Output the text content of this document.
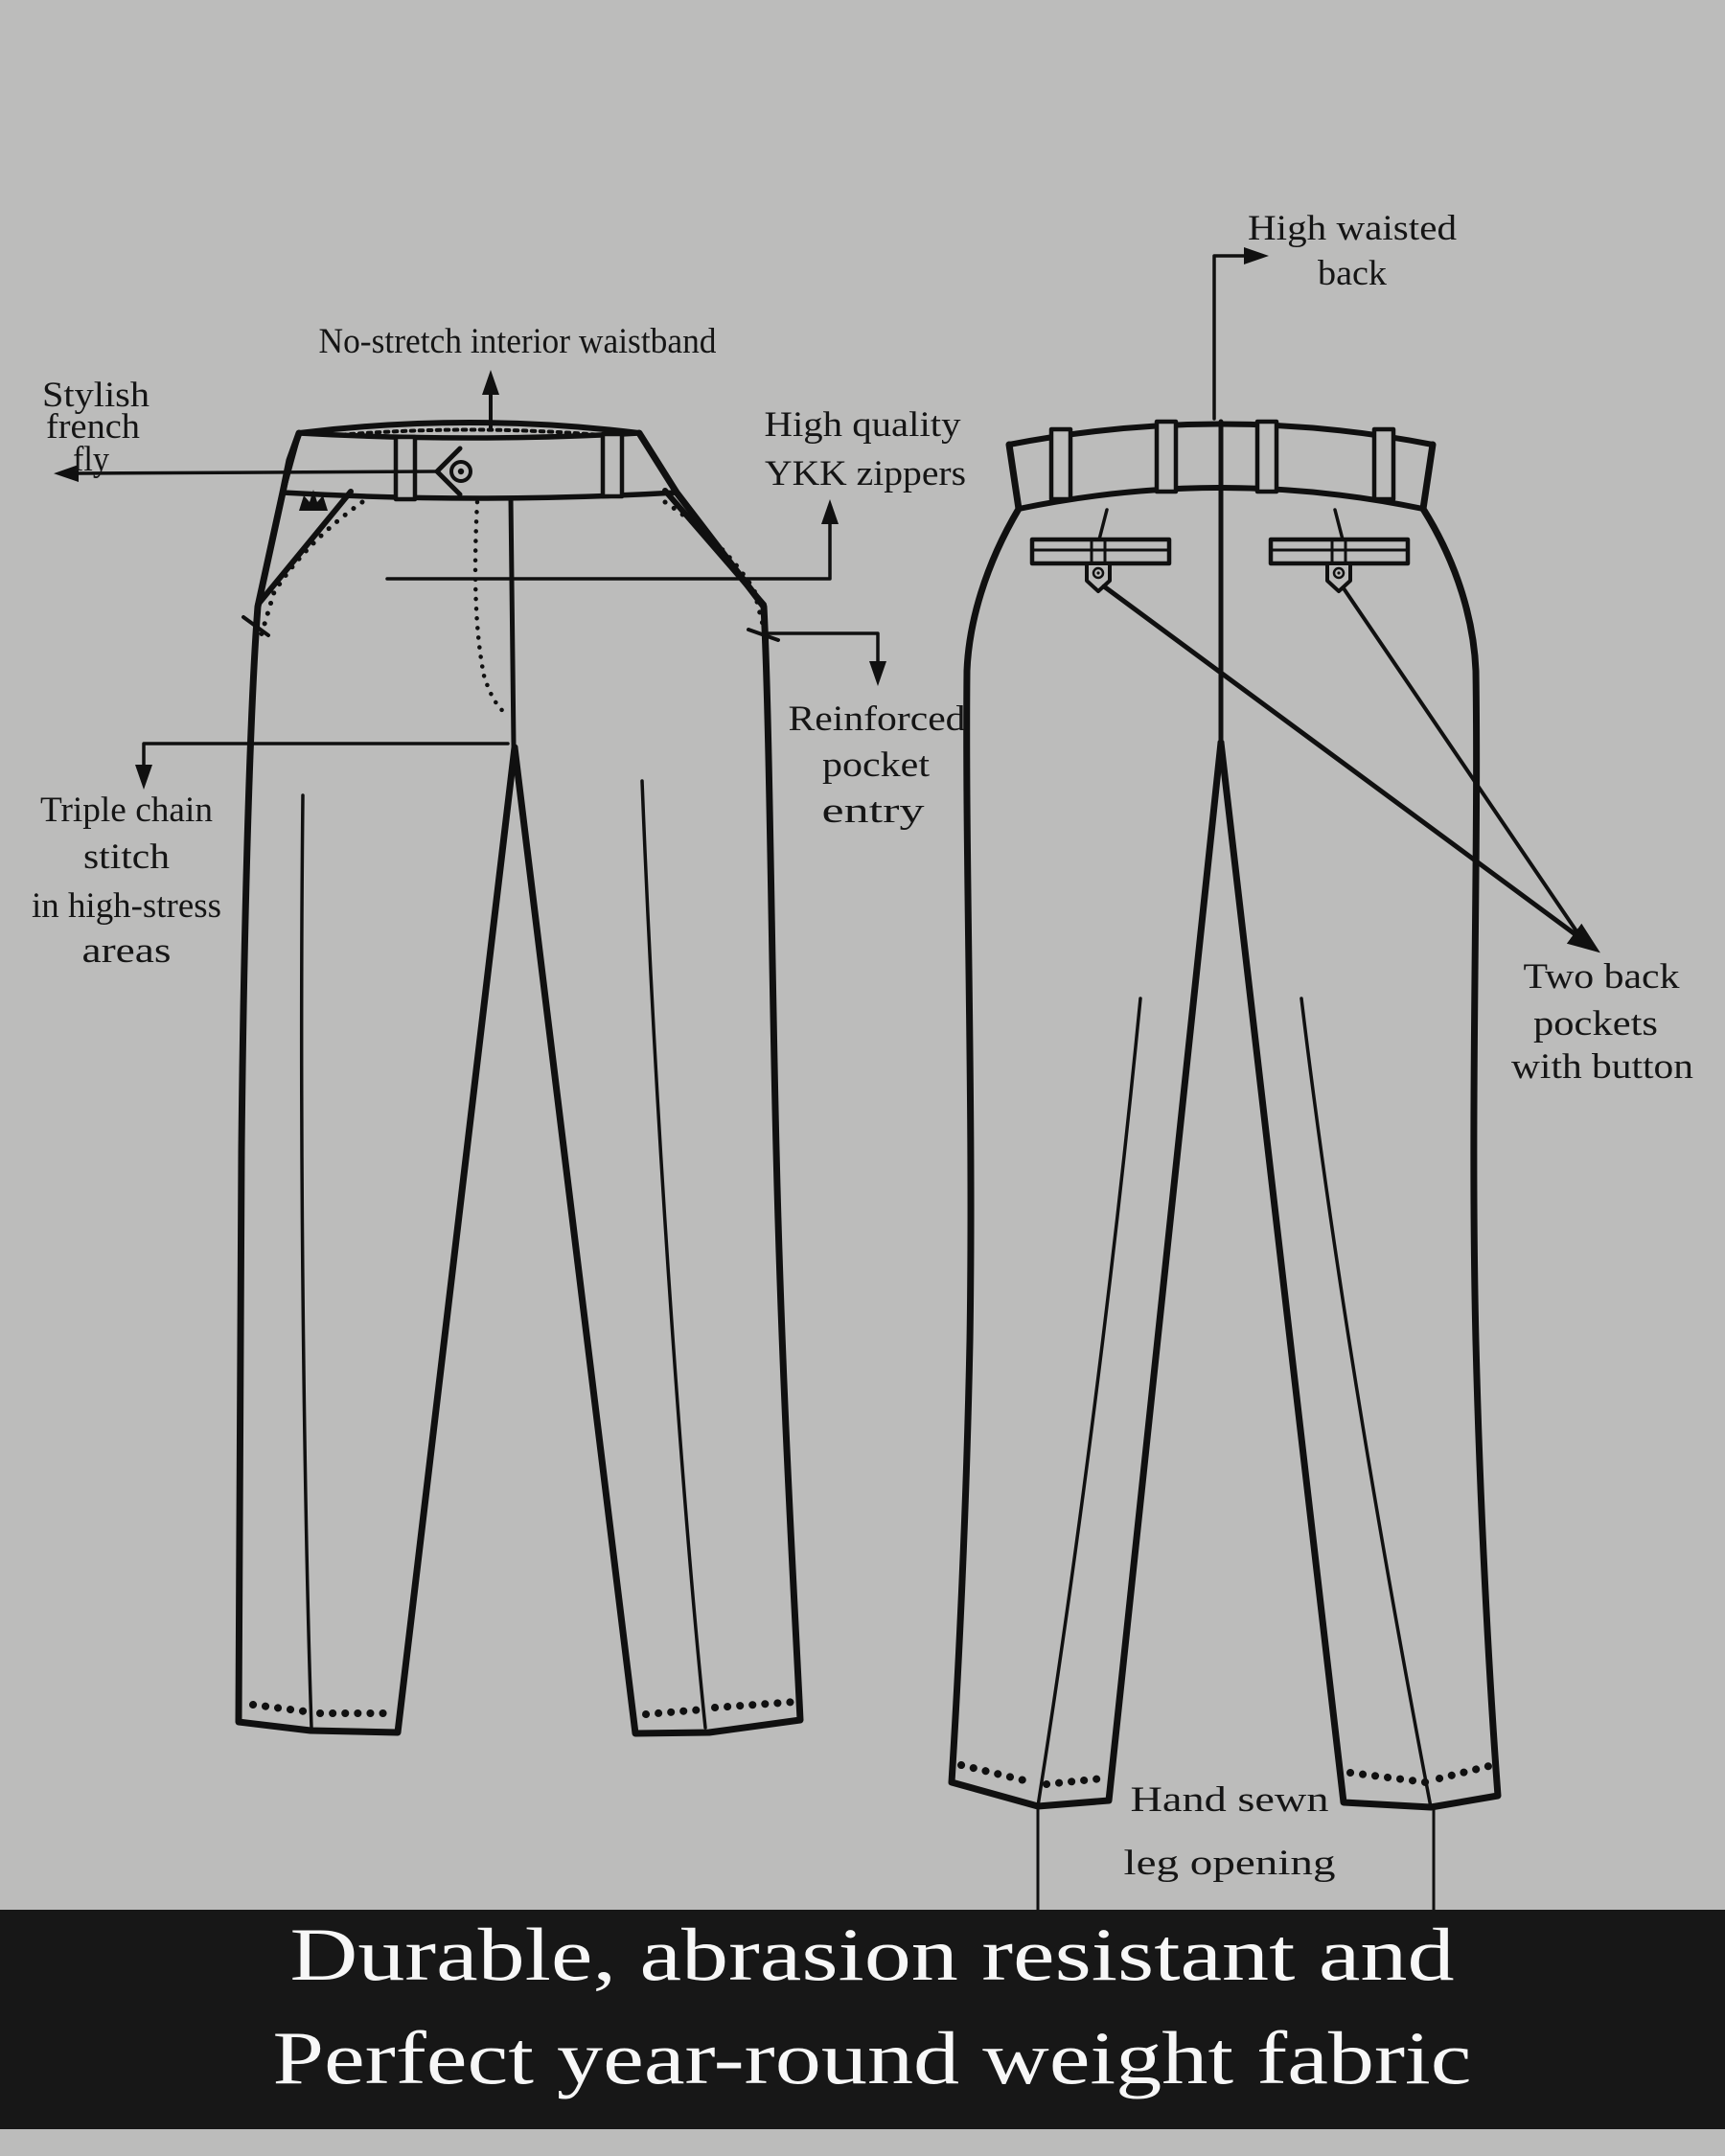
No-stretch interior waistband
Stylish
french
fly
High quality
YKK zippers
Reinforced
pocket
entry
Triple chain
stitch
in high-stress
areas
High waisted
back
Two back
pockets
with button
Hand sewn
leg opening
Durable, abrasion resistant and
Perfect year-round weight fabric
